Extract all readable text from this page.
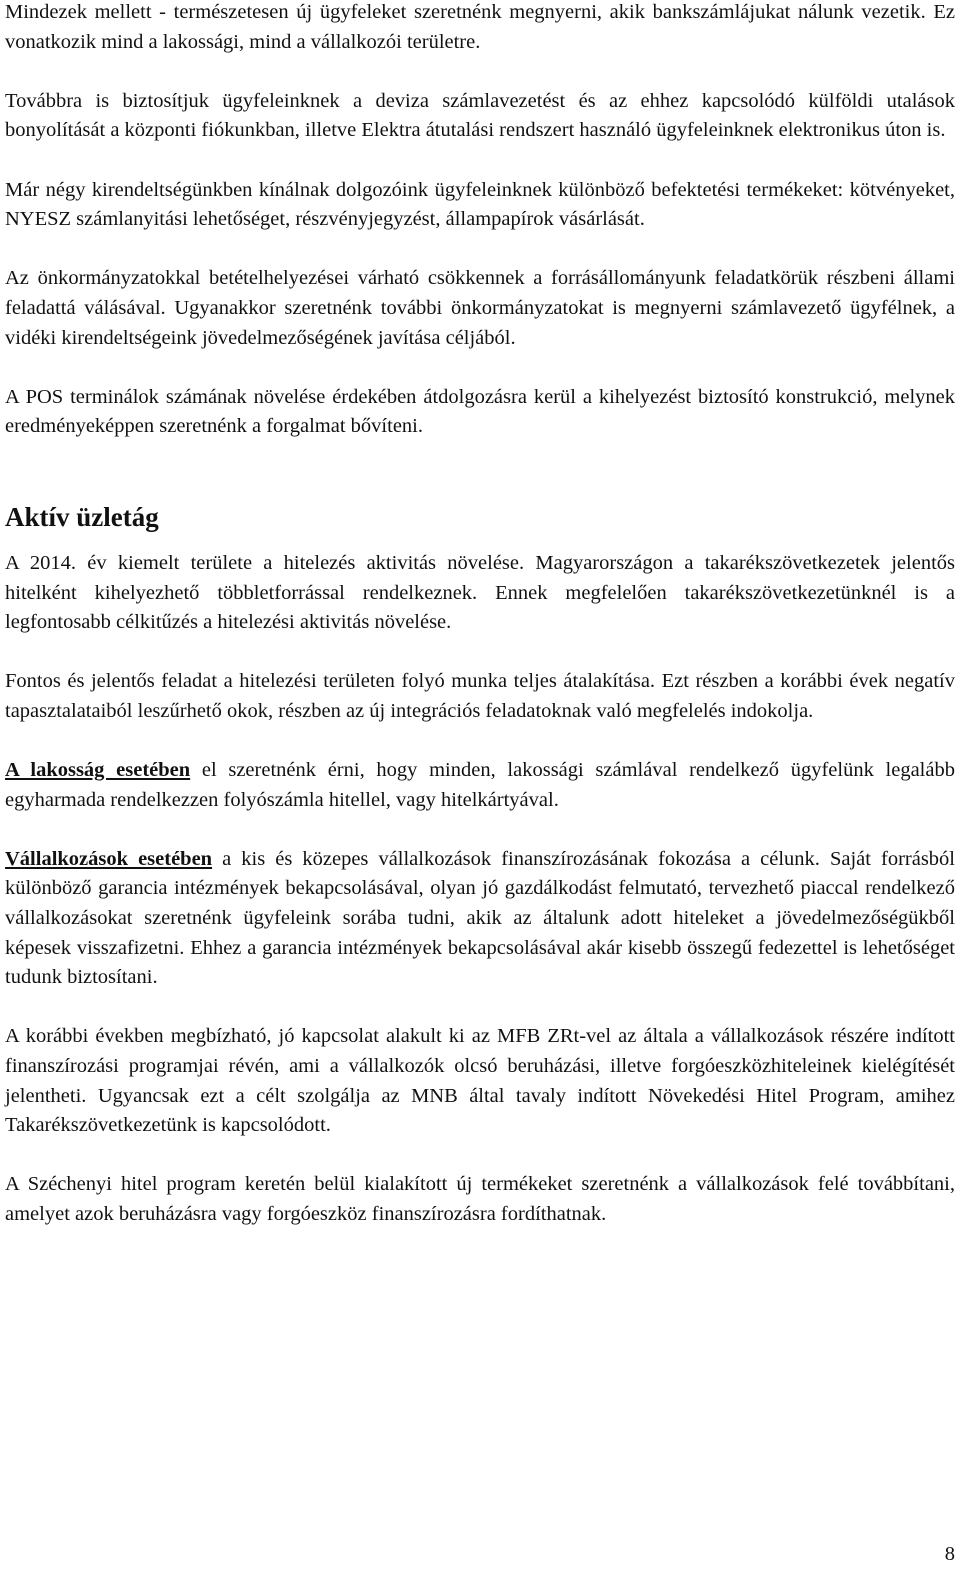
Mindezek mellett - természetesen új ügyfeleket szeretnénk megnyerni, akik bankszámlájukat nálunk vezetik. Ez vonatkozik mind a lakossági, mind a vállalkozói területre.

Továbbra is biztosítjuk ügyfeleinknek a deviza számlavezetést és az ehhez kapcsolódó külföldi utalások bonyolítását a központi fiókunkban, illetve Elektra átutalási rendszert használó ügyfeleinknek elektronikus úton is.

Már négy kirendeltségünkben kínálnak dolgozóink ügyfeleinknek különböző befektetési termékeket: kötvényeket, NYESZ számlanyitási lehetőséget, részvényjegyzést, állampapírok vásárlását.

Az önkormányzatokkal betételhelyezései várható csökkennek a forrásállományunk feladatkörük részbeni állami feladattá válásával. Ugyanakkor szeretnénk további önkormányzatokat is megnyerni számlavezető ügyfélnek, a vidéki kirendeltségeink jövedelmezőségének javítása céljából.

A POS terminálok számának növelése érdekében átdolgozásra kerül a kihelyezést biztosító konstrukció, melynek eredményeképpen szeretnénk a forgalmat bővíteni.

Aktív üzletág

A 2014. év kiemelt területe a hitelezés aktivitás növelése. Magyarországon a takarékszövetkezetek jelentős hitelként kihelyezhető többletforrással rendelkeznek. Ennek megfelelően takarékszövetkezetünknél is a legfontosabb célkitűzés a hitelezési aktivitás növelése.

Fontos és jelentős feladat a hitelezési területen folyó munka teljes átalakítása. Ezt részben a korábbi évek negatív tapasztalataiból leszűrhető okok, részben az új integrációs feladatoknak való megfelelés indokolja.

A lakosság esetében el szeretnénk érni, hogy minden, lakossági számlával rendelkező ügyfelünk legalább egyharmada rendelkezzen folyószámla hitellel, vagy hitelkártyával.

Vállalkozások esetében a kis és közepes vállalkozások finanszírozásának fokozása a célunk. Saját forrásból különböző garancia intézmények bekapcsolásával, olyan jó gazdálkodást felmutató, tervezhető piaccal rendelkező vállalkozásokat szeretnénk ügyfeleink sorába tudni, akik az általunk adott hiteleket a jövedelmezőségükből képesek visszafizetni. Ehhez a garancia intézmények bekapcsolásával akár kisebb összegű fedezettel is lehetőséget tudunk biztosítani.

A korábbi években megbízható, jó kapcsolat alakult ki az MFB ZRt-vel az általa a vállalkozások részére indított finanszírozási programjai révén, ami a vállalkozók olcsó beruházási, illetve forgóeszközhiteleinek kielégítését jelentheti. Ugyancsak ezt a célt szolgálja az MNB által tavaly indított Növekedési Hitel Program, amihez Takarékszövetkezetünk is kapcsolódott.

A Széchenyi hitel program keretén belül kialakított új termékeket szeretnénk a vállalkozások felé továbbítani, amelyet azok beruházásra vagy forgóeszköz finanszírozásra fordíthatnak.

8
